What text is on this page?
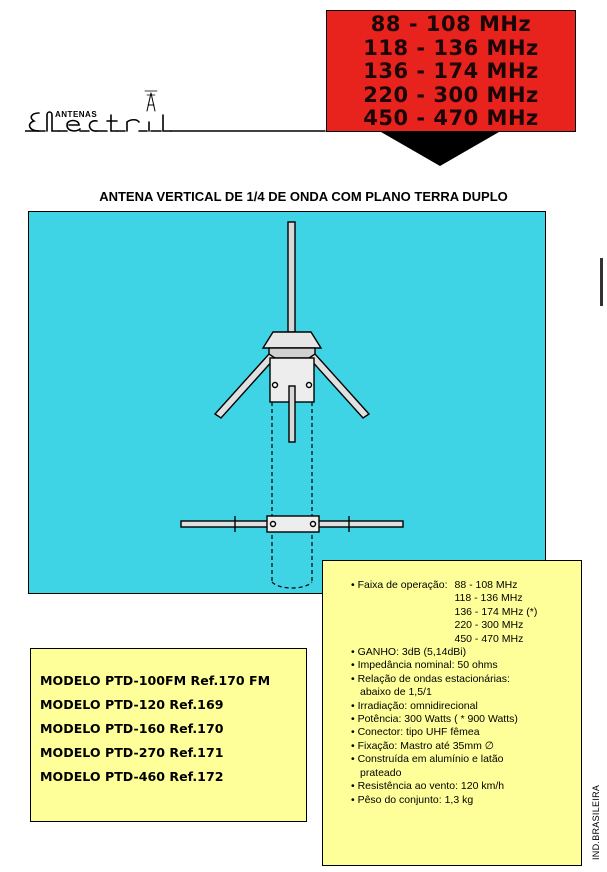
88 - 108 MHz
118 - 136 MHz
136 - 174 MHz
220 - 300 MHz
450 - 470 MHz
ANTENAS
ANTENA VERTICAL DE 1/4 DE ONDA COM PLANO TERRA DUPLO
MODELO PTD-100FM Ref.170 FM
MODELO PTD-120 Ref.169
MODELO PTD-160 Ref.170
MODELO PTD-270 Ref.171
MODELO PTD-460 Ref.172
• Faixa de operação: 88 - 108 MHz
118 - 136 MHz
136 - 174 MHz (*)
220 - 300 MHz
450 - 470 MHz
• GANHO: 3dB (5,14dBi)
• Impedância nominal: 50 ohms
• Relação de ondas estacionárias:
abaixo de 1,5/1
• Irradiação: omnidirecional
• Potência: 300 Watts ( * 900 Watts)
• Conector: tipo UHF fêmea
• Fixação: Mastro até 35mm ∅
• Construída em alumínio e latão
prateado
• Resistência ao vento: 120 km/h
• Pêso do conjunto: 1,3 kg	IND.BRASILEIRA
